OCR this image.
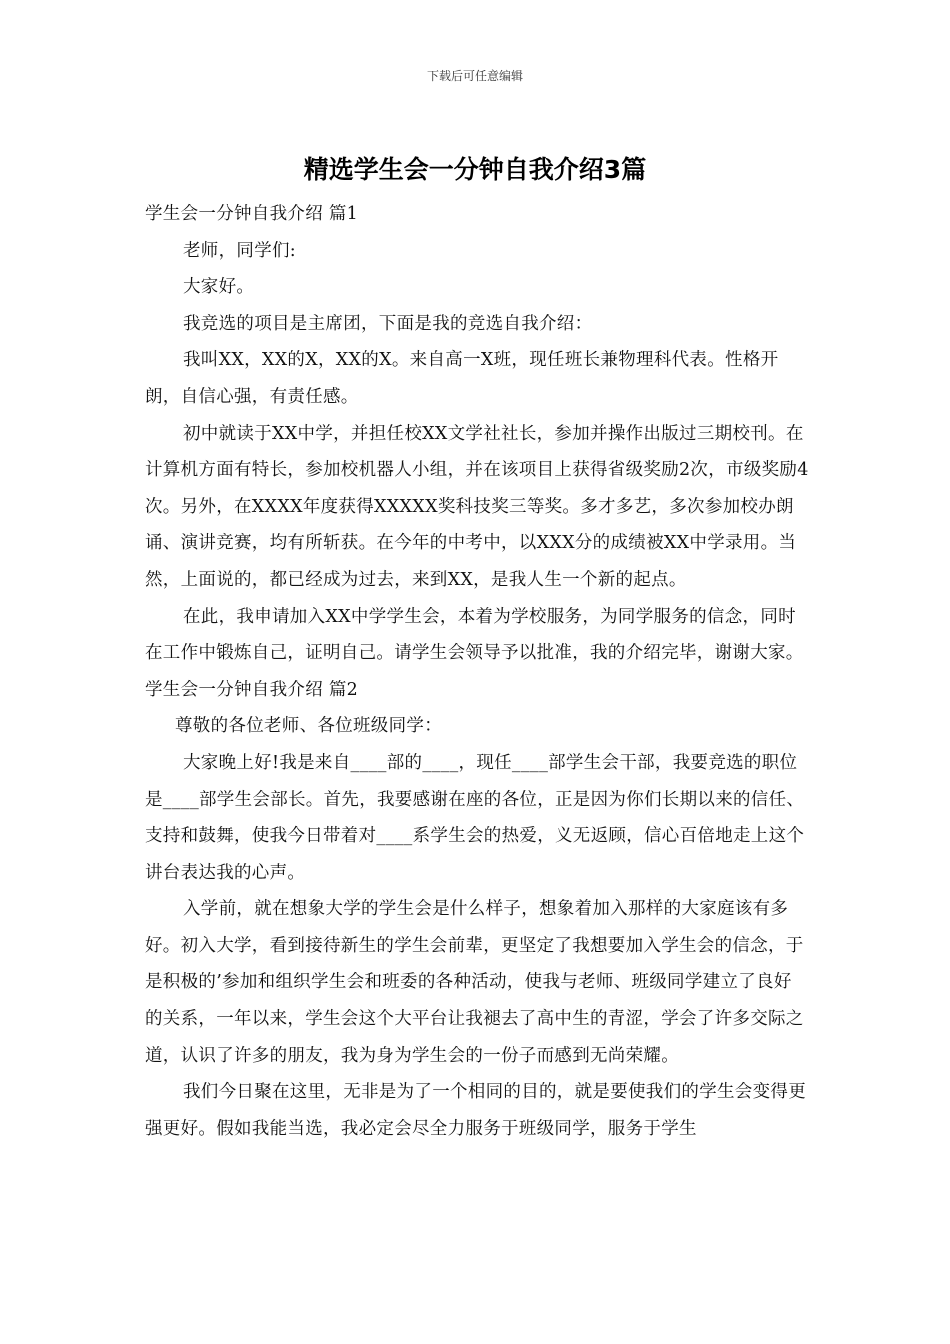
下载后可任意编辑
精选学生会一分钟自我介绍3篇

学生会一分钟自我介绍 篇1

老师，同学们:

大家好。

我竞选的项目是主席团，下面是我的竞选自我介绍：

我叫XX，XX的X，XX的X。来自高一X班，现任班长兼物理科代表。性格开朗，自信心强，有责任感。

初中就读于XX中学，并担任校XX文学社社长，参加并操作出版过三期校刊。在计算机方面有特长，参加校机器人小组，并在该项目上获得省级奖励2次，市级奖励4次。另外，在XXXX年度获得XXXXX奖科技奖三等奖。多才多艺，多次参加校办朗诵、演讲竞赛，均有所斩获。在今年的中考中，以XXX分的成绩被XX中学录用。当然，上面说的，都已经成为过去，来到XX，是我人生一个新的起点。

在此，我申请加入XX中学学生会，本着为学校服务，为同学服务的信念，同时在工作中锻炼自己，证明自己。请学生会领导予以批准，我的介绍完毕，谢谢大家。学生会一分钟自我介绍 篇2

尊敬的各位老师、各位班级同学：

大家晚上好!我是来自____部的____，现任____部学生会干部，我要竞选的职位是____部学生会部长。首先，我要感谢在座的各位，正是因为你们长期以来的信任、支持和鼓舞，使我今日带着对____系学生会的热爱，义无返顾，信心百倍地走上这个讲台表达我的心声。

入学前，就在想象大学的学生会是什么样子，想象着加入那样的大家庭该有多好。初入大学，看到接待新生的学生会前辈，更坚定了我想要加入学生会的信念，于是积极的’参加和组织学生会和班委的各种活动，使我与老师、班级同学建立了良好的关系，一年以来，学生会这个大平台让我褪去了高中生的青涩，学会了许多交际之道，认识了许多的朋友，我为身为学生会的一份子而感到无尚荣耀。

我们今日聚在这里，无非是为了一个相同的目的，就是要使我们的学生会变得更强更好。假如我能当选，我必定会尽全力服务于班级同学，服务于学生
